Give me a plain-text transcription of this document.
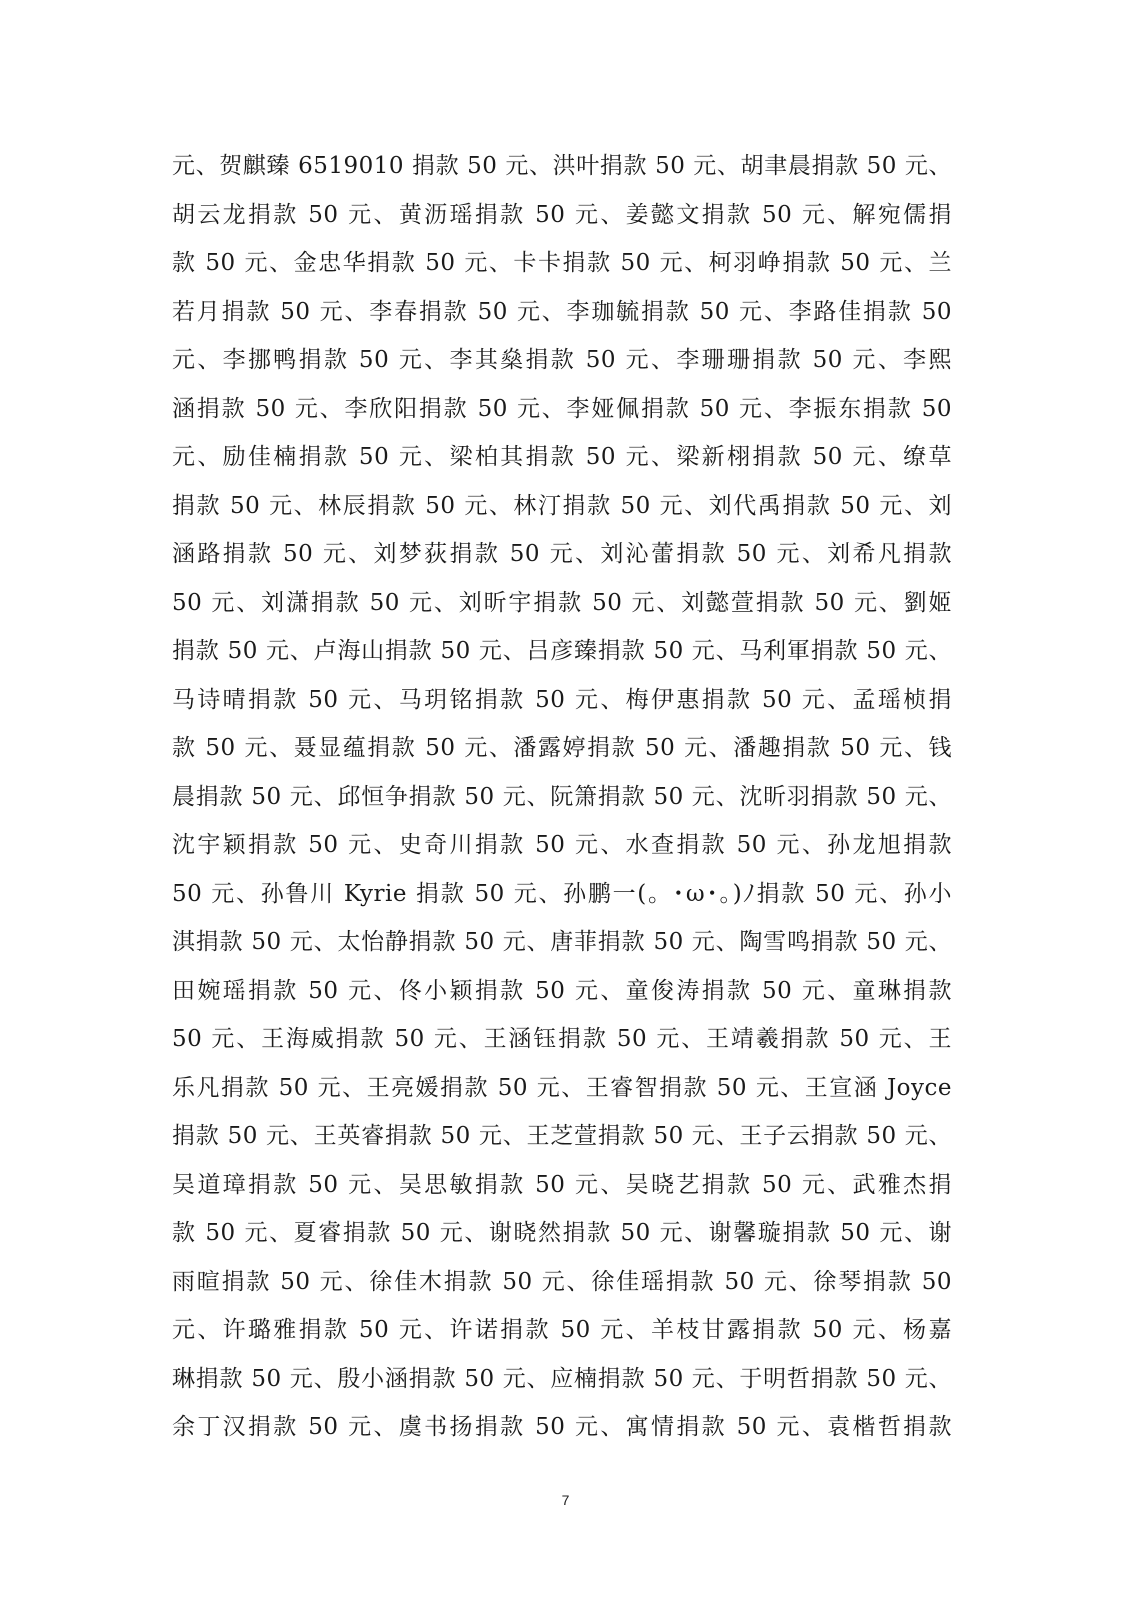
元、贺麒臻 6519010 捐款 50 元、洪叶捐款 50 元、胡聿晨捐款 50 元、
胡云龙捐款 50 元、黄沥瑶捐款 50 元、姜懿文捐款 50 元、解宛儒捐
款 50 元、金忠华捐款 50 元、卡卡捐款 50 元、柯羽峥捐款 50 元、兰
若月捐款 50 元、李春捐款 50 元、李珈毓捐款 50 元、李路佳捐款 50
元、李挪鸭捐款 50 元、李其燊捐款 50 元、李珊珊捐款 50 元、李熙
涵捐款 50 元、李欣阳捐款 50 元、李娅佩捐款 50 元、李振东捐款 50
元、励佳楠捐款 50 元、梁柏其捐款 50 元、梁新栩捐款 50 元、缭草
捐款 50 元、林辰捐款 50 元、林汀捐款 50 元、刘代禹捐款 50 元、刘
涵路捐款 50 元、刘梦荻捐款 50 元、刘沁蕾捐款 50 元、刘希凡捐款
50 元、刘潇捐款 50 元、刘昕宇捐款 50 元、刘懿萱捐款 50 元、劉姬
捐款 50 元、卢海山捐款 50 元、吕彦臻捐款 50 元、马利軍捐款 50 元、
马诗晴捐款 50 元、马玥铭捐款 50 元、梅伊惠捐款 50 元、孟瑶桢捐
款 50 元、聂显蕴捐款 50 元、潘露婷捐款 50 元、潘趣捐款 50 元、钱
晨捐款 50 元、邱恒争捐款 50 元、阮箫捐款 50 元、沈昕羽捐款 50 元、
沈宇颖捐款 50 元、史奇川捐款 50 元、水查捐款 50 元、孙龙旭捐款
50 元、孙鲁川 Kyrie 捐款 50 元、孙鹏一(。･ω･。)ﾉ捐款 50 元、孙小
淇捐款 50 元、太怡静捐款 50 元、唐菲捐款 50 元、陶雪鸣捐款 50 元、
田婉瑶捐款 50 元、佟小颖捐款 50 元、童俊涛捐款 50 元、童琳捐款
50 元、王海威捐款 50 元、王涵钰捐款 50 元、王靖羲捐款 50 元、王
乐凡捐款 50 元、王亮媛捐款 50 元、王睿智捐款 50 元、王宣涵 Joyce
捐款 50 元、王英睿捐款 50 元、王芝萱捐款 50 元、王子云捐款 50 元、
吴道璋捐款 50 元、吴思敏捐款 50 元、吴晓艺捐款 50 元、武雅杰捐
款 50 元、夏睿捐款 50 元、谢晓然捐款 50 元、谢馨璇捐款 50 元、谢
雨暄捐款 50 元、徐佳木捐款 50 元、徐佳瑶捐款 50 元、徐琴捐款 50
元、许璐雅捐款 50 元、许诺捐款 50 元、羊枝甘露捐款 50 元、杨嘉
琳捐款 50 元、殷小涵捐款 50 元、应楠捐款 50 元、于明哲捐款 50 元、
余丁汉捐款 50 元、虞书扬捐款 50 元、寓情捐款 50 元、袁楷哲捐款
7
